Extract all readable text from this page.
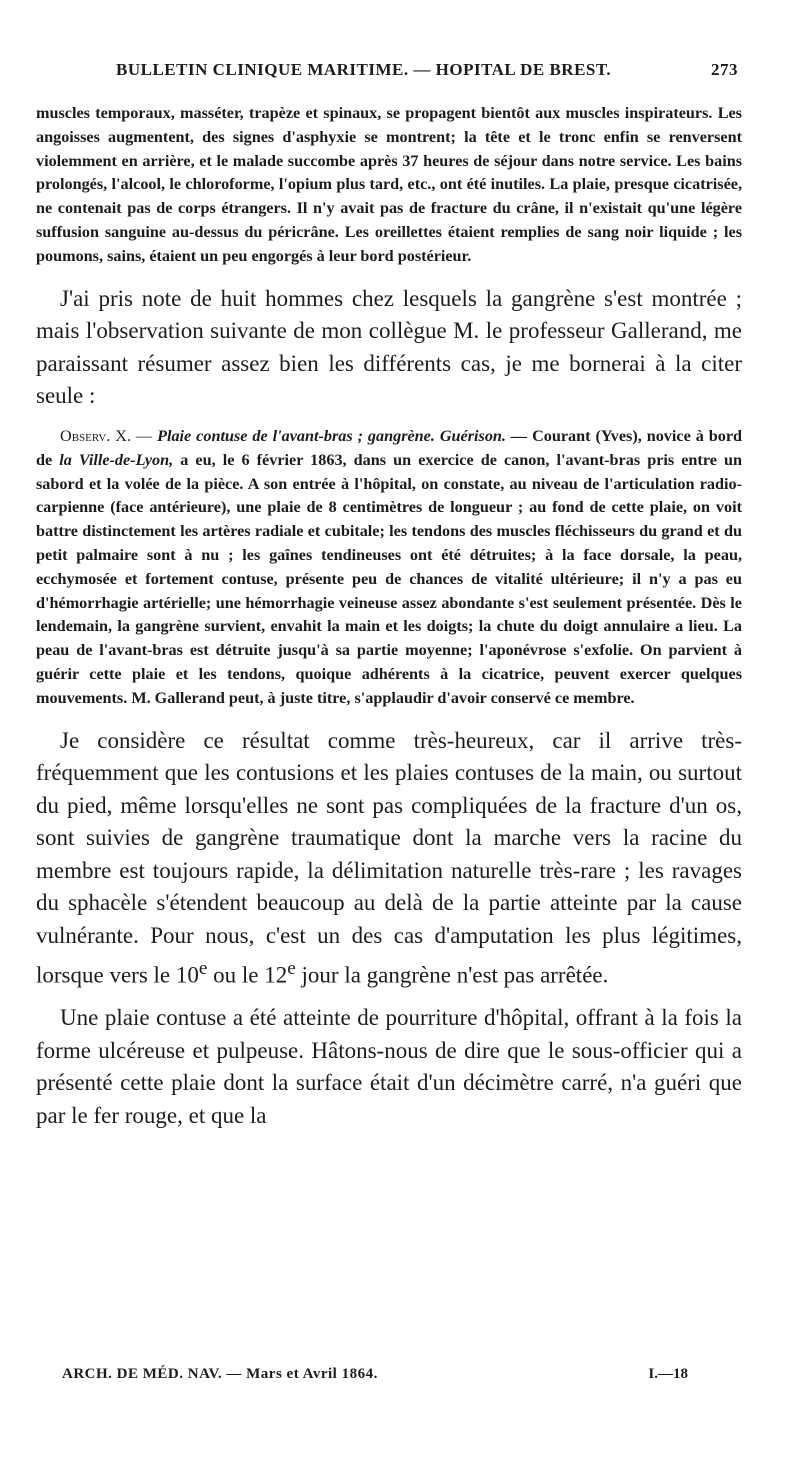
BULLETIN CLINIQUE MARITIME. — HOPITAL DE BREST.	273

muscles temporaux, masséter, trapèze et spinaux, se propagent bientôt aux muscles inspirateurs. Les angoisses augmentent, des signes d'asphyxie se montrent; la tête et le tronc enfin se renversent violemment en arrière, et le malade succombe après 37 heures de séjour dans notre service. Les bains prolongés, l'alcool, le chloroforme, l'opium plus tard, etc., ont été inutiles. La plaie, presque cicatrisée, ne contenait pas de corps étrangers. Il n'y avait pas de fracture du crâne, il n'existait qu'une légère suffusion sanguine au-dessus du péricrâne. Les oreillettes étaient remplies de sang noir liquide ; les poumons, sains, étaient un peu engorgés à leur bord postérieur.

J'ai pris note de huit hommes chez lesquels la gangrène s'est montrée ; mais l'observation suivante de mon collègue M. le professeur Gallerand, me paraissant résumer assez bien les différents cas, je me bornerai à la citer seule :

Observ. X. — Plaie contuse de l'avant-bras ; gangrène. Guérison. — Courant (Yves), novice à bord de la Ville-de-Lyon, a eu, le 6 février 1863, dans un exercice de canon, l'avant-bras pris entre un sabord et la volée de la pièce. A son entrée à l'hôpital, on constate, au niveau de l'articulation radio-carpienne (face antérieure), une plaie de 8 centimètres de longueur ; au fond de cette plaie, on voit battre distinctement les artères radiale et cubitale; les tendons des muscles fléchisseurs du grand et du petit palmaire sont à nu ; les gaînes tendineuses ont été détruites; à la face dorsale, la peau, ecchymosée et fortement contuse, présente peu de chances de vitalité ultérieure; il n'y a pas eu d'hémorrhagie artérielle; une hémorrhagie veineuse assez abondante s'est seulement présentée. Dès le lendemain, la gangrène survient, envahit la main et les doigts; la chute du doigt annulaire a lieu. La peau de l'avant-bras est détruite jusqu'à sa partie moyenne; l'aponévrose s'exfolie. On parvient à guérir cette plaie et les tendons, quoique adhérents à la cicatrice, peuvent exercer quelques mouvements. M. Gallerand peut, à juste titre, s'applaudir d'avoir conservé ce membre.

Je considère ce résultat comme très-heureux, car il arrive très-fréquemment que les contusions et les plaies contuses de la main, ou surtout du pied, même lorsqu'elles ne sont pas compliquées de la fracture d'un os, sont suivies de gangrène traumatique dont la marche vers la racine du membre est toujours rapide, la délimitation naturelle très-rare ; les ravages du sphacèle s'étendent beaucoup au delà de la partie atteinte par la cause vulnérante. Pour nous, c'est un des cas d'amputation les plus légitimes, lorsque vers le 10e ou le 12e jour la gangrène n'est pas arrêtée.

Une plaie contuse a été atteinte de pourriture d'hôpital, offrant à la fois la forme ulcéreuse et pulpeuse. Hâtons-nous de dire que le sous-officier qui a présenté cette plaie dont la surface était d'un décimètre carré, n'a guéri que par le fer rouge, et que la

ARCH. DE MÉD. NAV. — Mars et Avril 1864.	I.—18
